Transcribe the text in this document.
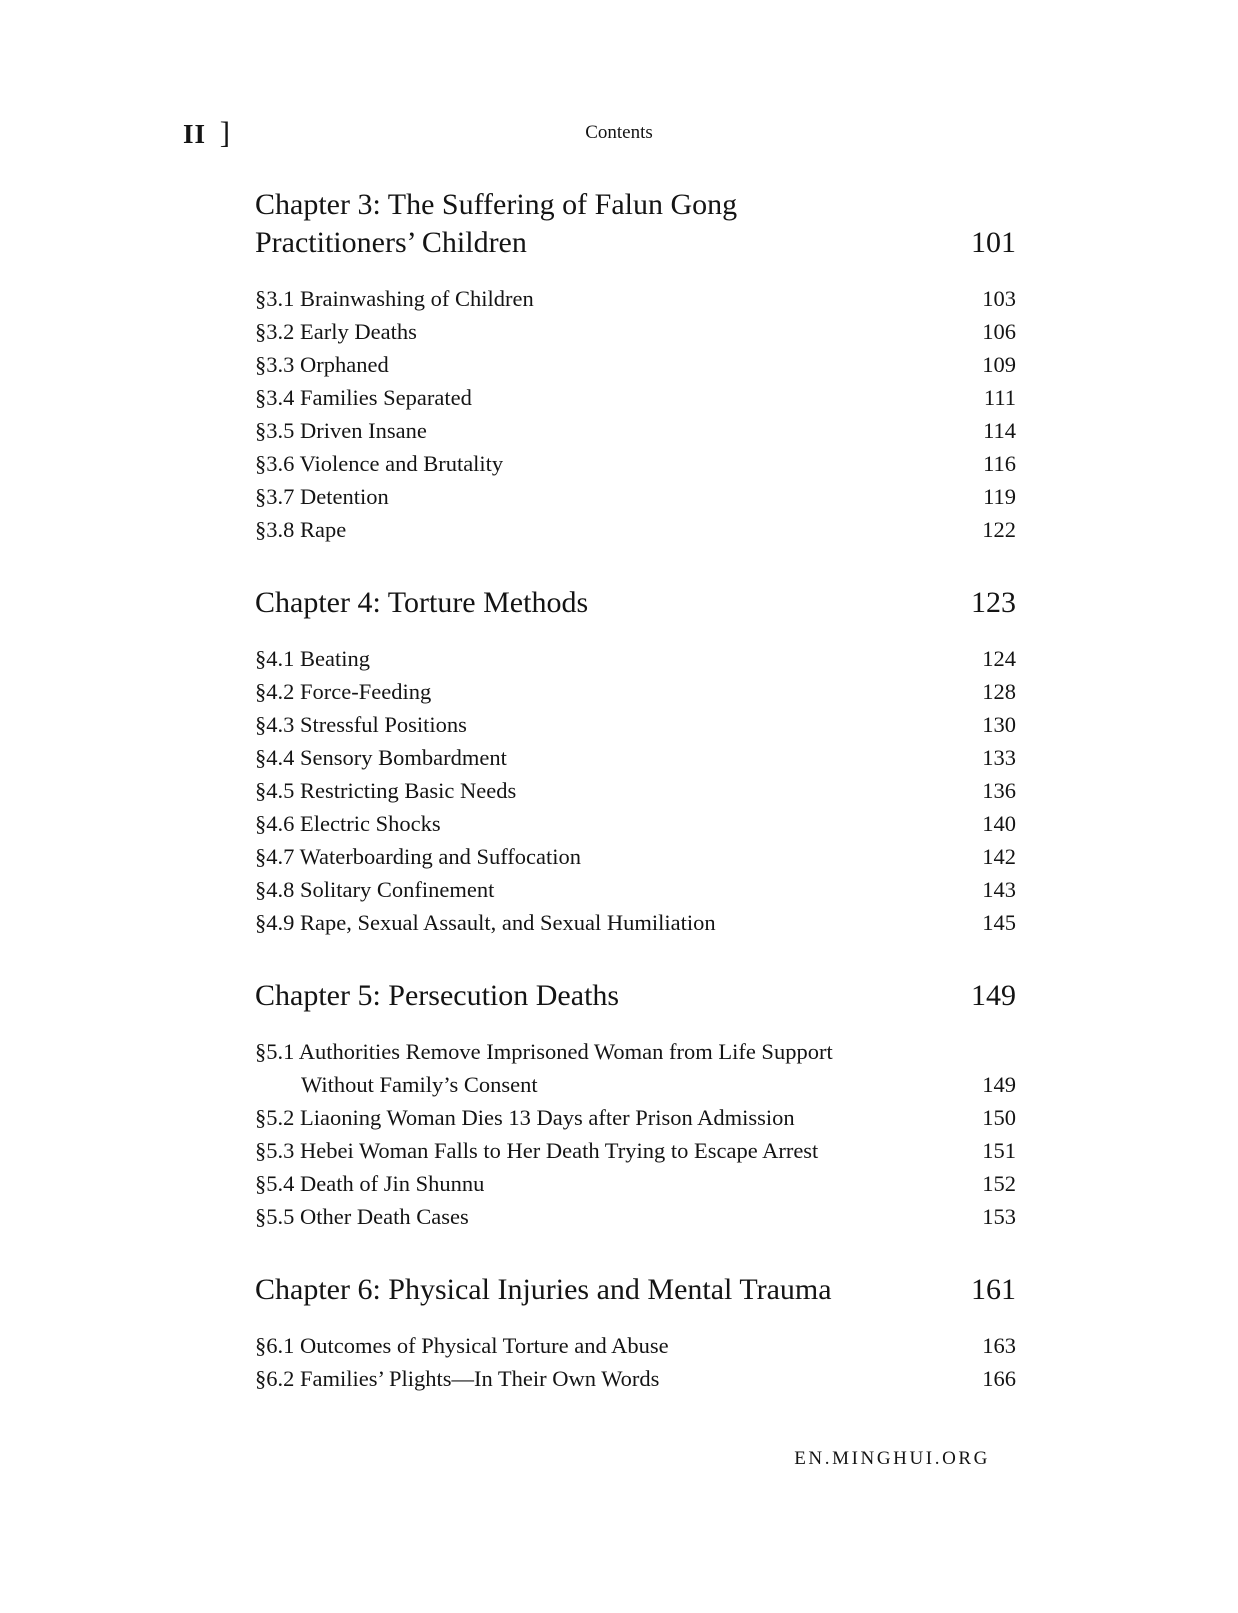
II ]	Contents
Chapter 3: The Suffering of Falun Gong
Practitioners’ Children	101
§3.1 Brainwashing of Children	103
§3.2 Early Deaths	106
§3.3 Orphaned	109
§3.4 Families Separated	111
§3.5 Driven Insane	114
§3.6 Violence and Brutality	116
§3.7 Detention	119
§3.8 Rape	122
Chapter 4: Torture Methods	123
§4.1 Beating	124
§4.2 Force-Feeding	128
§4.3 Stressful Positions	130
§4.4 Sensory Bombardment	133
§4.5 Restricting Basic Needs	136
§4.6 Electric Shocks	140
§4.7 Waterboarding and Suffocation	142
§4.8 Solitary Confinement	143
§4.9 Rape, Sexual Assault, and Sexual Humiliation	145
Chapter 5: Persecution Deaths	149
§5.1 Authorities Remove Imprisoned Woman from Life Support
Without Family’s Consent	149
§5.2 Liaoning Woman Dies 13 Days after Prison Admission	150
§5.3 Hebei Woman Falls to Her Death Trying to Escape Arrest	151
§5.4 Death of Jin Shunnu	152
§5.5 Other Death Cases	153
Chapter 6: Physical Injuries and Mental Trauma	161
§6.1 Outcomes of Physical Torture and Abuse	163
§6.2 Families’ Plights—In Their Own Words	166
EN.MINGHUI.ORG
